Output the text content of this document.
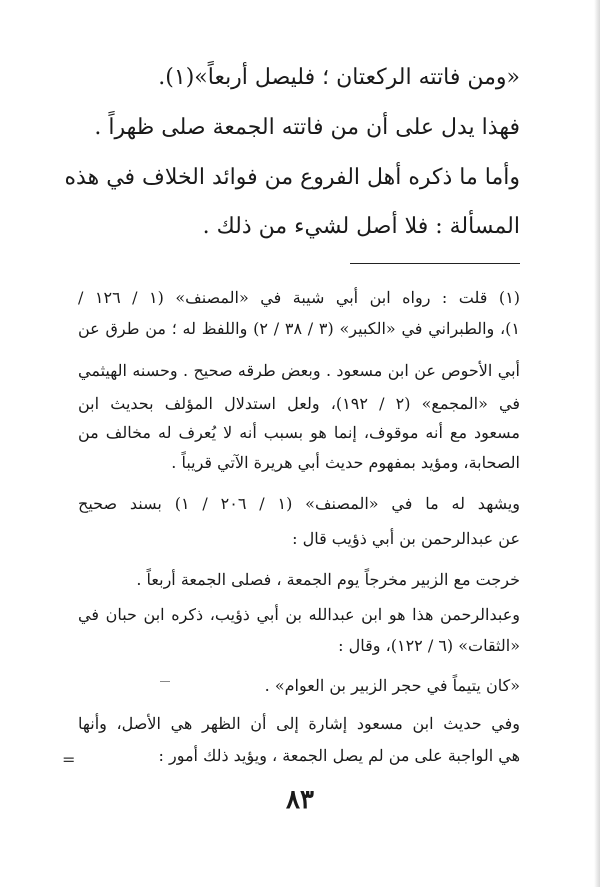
«ومن فاتته الركعتان ؛ فليصل أربعاً»(١).
فهذا يدل على أن من فاتته الجمعة صلى ظهراً .
وأما ما ذكره أهل الفروع من فوائد الخلاف في هذه
المسألة : فلا أصل لشيء من ذلك .
(١) قلت : رواه ابن أبي شيبة في «المصنف» (١ / ١٢٦ /
١)، والطبراني في «الكبير» (٣ / ٣٨ / ٢) واللفظ له ؛ من طرق عن
أبي الأحوص عن ابن مسعود . وبعض طرقه صحيح . وحسنه الهيثمي
في «المجمع» (٢ / ١٩٢)، ولعل استدلال المؤلف بحديث ابن
مسعود مع أنه موقوف، إنما هو بسبب أنه لا يُعرف له مخالف من
الصحابة، ومؤيد بمفهوم حديث أبي هريرة الآتي قريباً .
ويشهد له ما في «المصنف» (١ / ٢٠٦ / ١) بسند صحيح
عن عبدالرحمن بن أبي ذؤيب قال :
خرجت مع الزبير مخرجاً يوم الجمعة ، فصلى الجمعة أربعاً .
وعبدالرحمن هذا هو ابن عبدالله بن أبي ذؤيب، ذكره ابن حبان في
«الثقات» (٦ / ١٢٢)، وقال :
«كان يتيماً في حجر الزبير بن العوام» .
وفي حديث ابن مسعود إشارة إلى أن الظهر هي الأصل، وأنها
هي الواجبة على من لم يصل الجمعة ، ويؤيد ذلك أمور :
=
٨٣
